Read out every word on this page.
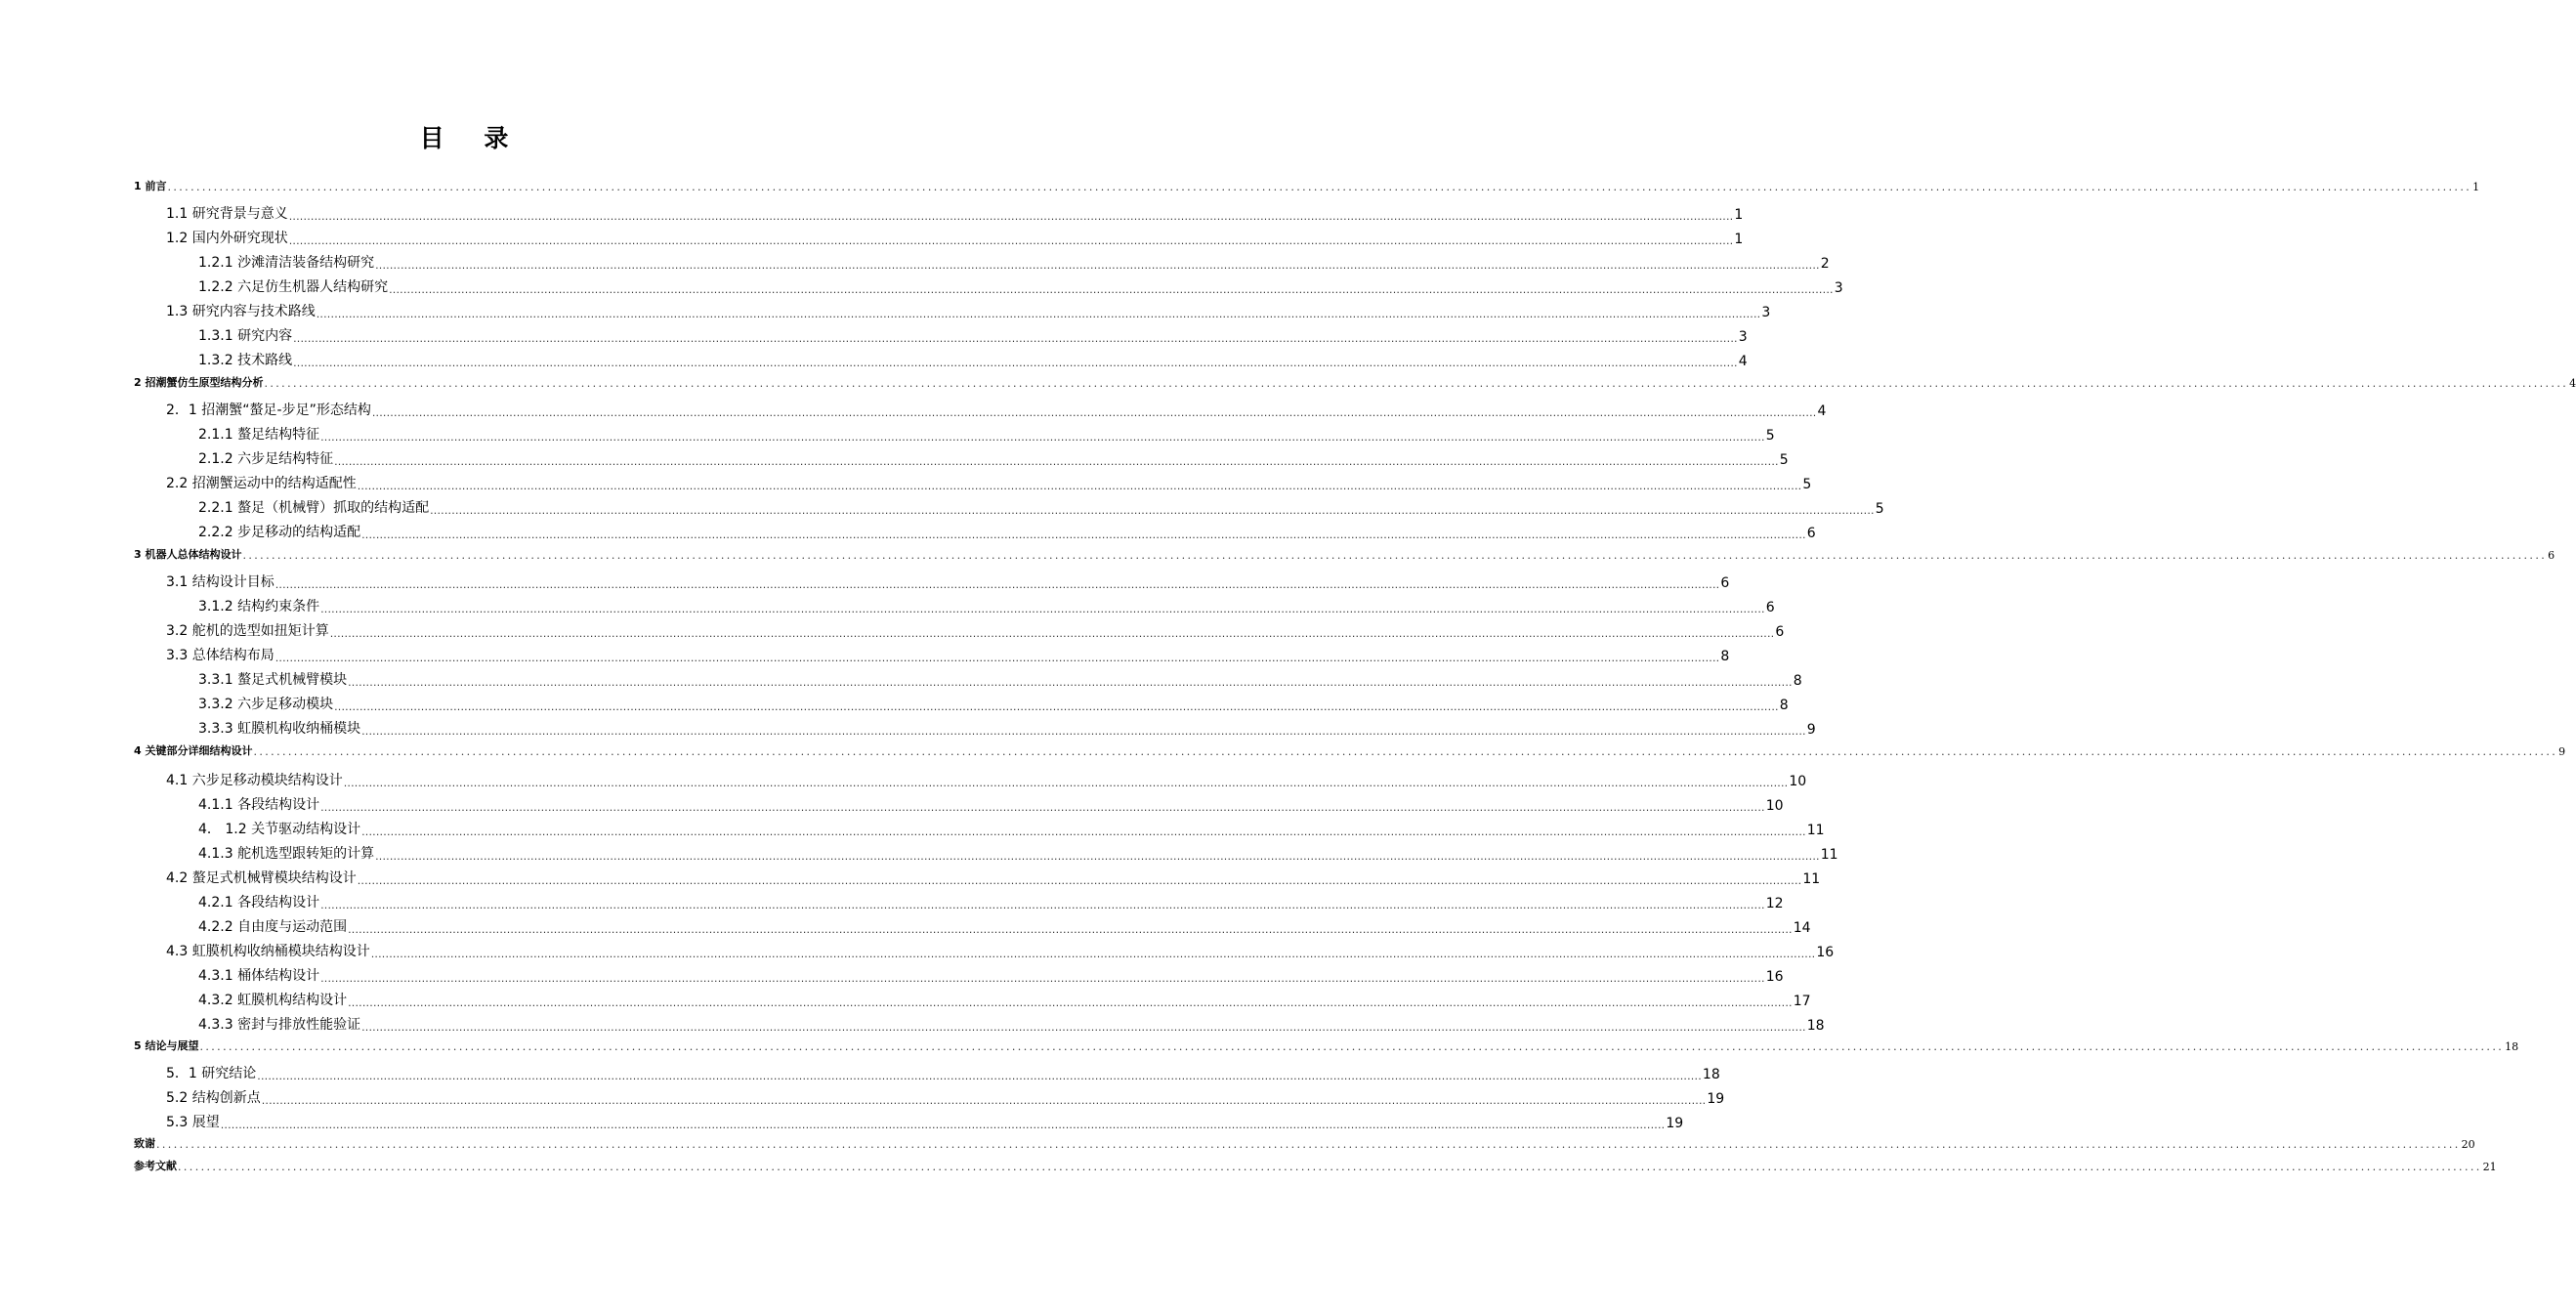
目 录
1 前言 ................................................................................................................................................................................................................................................................................................................................................................................................................ 1
1.1 研究背景与意义 ................................................................................................................................................................................................................................................................................................................................................................................................................ 1
1.2 国内外研究现状 ................................................................................................................................................................................................................................................................................................................................................................................................................ 1
1.2.1 沙滩清洁装备结构研究 ................................................................................................................................................................................................................................................................................................................................................................................................................ 2
1.2.2 六足仿生机器人结构研究 ................................................................................................................................................................................................................................................................................................................................................................................................................ 3
1.3 研究内容与技术路线 ................................................................................................................................................................................................................................................................................................................................................................................................................ 3
1.3.1 研究内容 ................................................................................................................................................................................................................................................................................................................................................................................................................ 3
1.3.2 技术路线 ................................................................................................................................................................................................................................................................................................................................................................................................................ 4
2 招潮蟹仿生原型结构分析 ................................................................................................................................................................................................................................................................................................................................................................................................................ 4
2．1 招潮蟹“螯足-步足”形态结构 ................................................................................................................................................................................................................................................................................................................................................................................................................ 4
2.1.1 螯足结构特征 ................................................................................................................................................................................................................................................................................................................................................................................................................ 5
2.1.2 六步足结构特征 ................................................................................................................................................................................................................................................................................................................................................................................................................ 5
2.2 招潮蟹运动中的结构适配性 ................................................................................................................................................................................................................................................................................................................................................................................................................ 5
2.2.1 螯足（机械臂）抓取的结构适配 ................................................................................................................................................................................................................................................................................................................................................................................................................ 5
2.2.2 步足移动的结构适配 ................................................................................................................................................................................................................................................................................................................................................................................................................ 6
3 机器人总体结构设计 ................................................................................................................................................................................................................................................................................................................................................................................................................ 6
3.1 结构设计目标 ................................................................................................................................................................................................................................................................................................................................................................................................................ 6
3.1.2 结构约束条件 ................................................................................................................................................................................................................................................................................................................................................................................................................ 6
3.2 舵机的选型如扭矩计算 ................................................................................................................................................................................................................................................................................................................................................................................................................ 6
3.3 总体结构布局 ................................................................................................................................................................................................................................................................................................................................................................................................................ 8
3.3.1 螯足式机械臂模块 ................................................................................................................................................................................................................................................................................................................................................................................................................ 8
3.3.2 六步足移动模块 ................................................................................................................................................................................................................................................................................................................................................................................................................ 8
3.3.3 虹膜机构收纳桶模块 ................................................................................................................................................................................................................................................................................................................................................................................................................ 9
4 关键部分详细结构设计 ................................................................................................................................................................................................................................................................................................................................................................................................................ 9
4.1 六步足移动模块结构设计 ................................................................................................................................................................................................................................................................................................................................................................................................................ 10
4.1.1 各段结构设计 ................................................................................................................................................................................................................................................................................................................................................................................................................ 10
4． 1.2 关节驱动结构设计 ................................................................................................................................................................................................................................................................................................................................................................................................................ 11
4.1.3 舵机选型跟转矩的计算 ................................................................................................................................................................................................................................................................................................................................................................................................................ 11
4.2 螯足式机械臂模块结构设计 ................................................................................................................................................................................................................................................................................................................................................................................................................ 11
4.2.1 各段结构设计 ................................................................................................................................................................................................................................................................................................................................................................................................................ 12
4.2.2 自由度与运动范围 ................................................................................................................................................................................................................................................................................................................................................................................................................ 14
4.3 虹膜机构收纳桶模块结构设计 ................................................................................................................................................................................................................................................................................................................................................................................................................ 16
4.3.1 桶体结构设计 ................................................................................................................................................................................................................................................................................................................................................................................................................ 16
4.3.2 虹膜机构结构设计 ................................................................................................................................................................................................................................................................................................................................................................................................................ 17
4.3.3 密封与排放性能验证 ................................................................................................................................................................................................................................................................................................................................................................................................................ 18
5 结论与展望 ................................................................................................................................................................................................................................................................................................................................................................................................................ 18
5．1 研究结论 ................................................................................................................................................................................................................................................................................................................................................................................................................ 18
5.2 结构创新点 ................................................................................................................................................................................................................................................................................................................................................................................................................ 19
5.3 展望 ................................................................................................................................................................................................................................................................................................................................................................................................................ 19
致谢 ................................................................................................................................................................................................................................................................................................................................................................................................................ 20
参考文献 ................................................................................................................................................................................................................................................................................................................................................................................................................ 21
